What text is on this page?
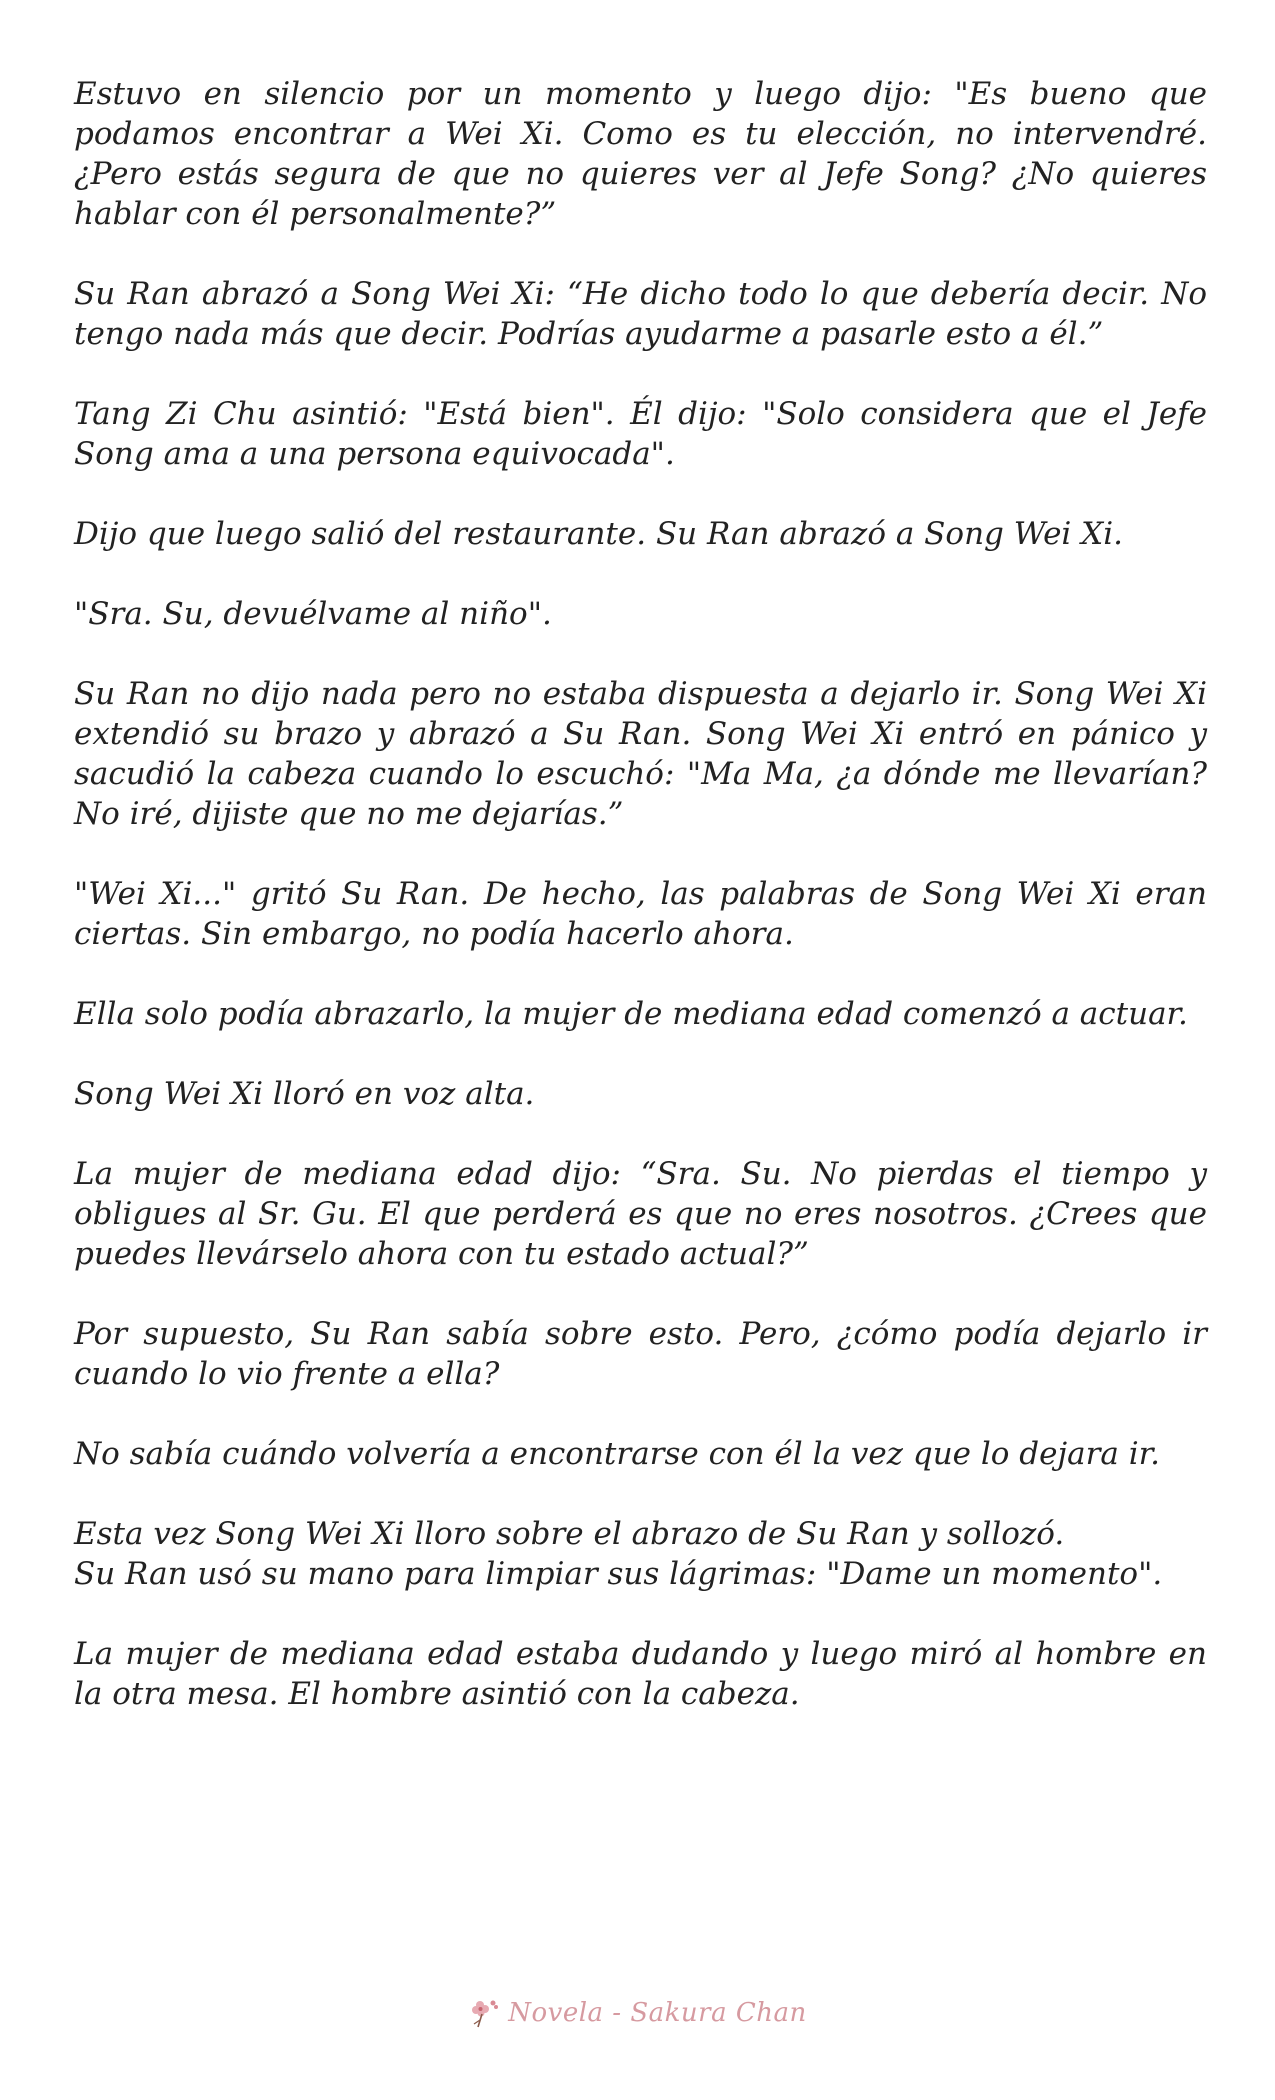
Estuvo en silencio por un momento y luego dijo: "Es bueno que podamos encontrar a Wei Xi. Como es tu elección, no intervendré. ¿Pero estás segura de que no quieres ver al Jefe Song? ¿No quieres hablar con él personalmente?”

Su Ran abrazó a Song Wei Xi: “He dicho todo lo que debería decir. No tengo nada más que decir. Podrías ayudarme a pasarle esto a él.”

Tang Zi Chu asintió: "Está bien". Él dijo: "Solo considera que el Jefe Song ama a una persona equivocada".

Dijo que luego salió del restaurante. Su Ran abrazó a Song Wei Xi.

"Sra. Su, devuélvame al niño".

Su Ran no dijo nada pero no estaba dispuesta a dejarlo ir. Song Wei Xi extendió su brazo y abrazó a Su Ran. Song Wei Xi entró en pánico y sacudió la cabeza cuando lo escuchó: "Ma Ma, ¿a dónde me llevarían? No iré, dijiste que no me dejarías.”

"Wei Xi..." gritó Su Ran. De hecho, las palabras de Song Wei Xi eran ciertas. Sin embargo, no podía hacerlo ahora.

Ella solo podía abrazarlo, la mujer de mediana edad comenzó a actuar.

Song Wei Xi lloró en voz alta.

La mujer de mediana edad dijo: “Sra. Su. No pierdas el tiempo y obligues al Sr. Gu. El que perderá es que no eres nosotros. ¿Crees que puedes llevárselo ahora con tu estado actual?”

Por supuesto, Su Ran sabía sobre esto. Pero, ¿cómo podía dejarlo ir cuando lo vio frente a ella?

No sabía cuándo volvería a encontrarse con él la vez que lo dejara ir.

Esta vez Song Wei Xi lloro sobre el abrazo de Su Ran y sollozó.
Su Ran usó su mano para limpiar sus lágrimas: "Dame un momento".

La mujer de mediana edad estaba dudando y luego miró al hombre en la otra mesa. El hombre asintió con la cabeza.

Novela - Sakura Chan
